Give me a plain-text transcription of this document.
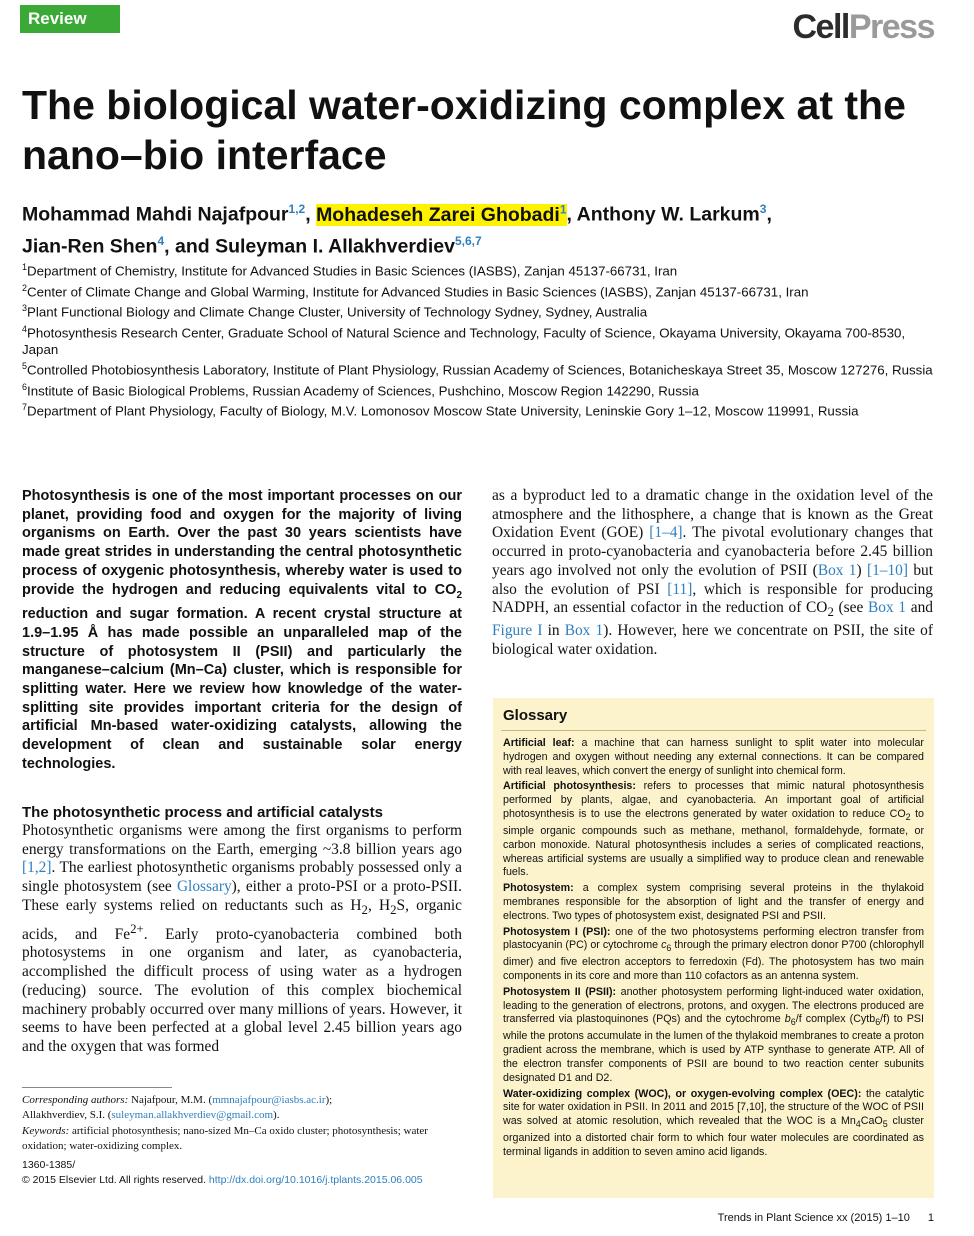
Review	CellPress
The biological water-oxidizing complex at the nano–bio interface
Mohammad Mahdi Najafpour$^{1,2}$, Mohadeseh Zarei Ghobadi$^1$, Anthony W. Larkum$^3$,
Jian-Ren Shen$^4$, and Suleyman I. Allakhverdiev$^{5,6,7}$
$^1$Department of Chemistry, Institute for Advanced Studies in Basic Sciences (IASBS), Zanjan 45137-66731, Iran
$^2$Center of Climate Change and Global Warming, Institute for Advanced Studies in Basic Sciences (IASBS), Zanjan 45137-66731, Iran
$^3$Plant Functional Biology and Climate Change Cluster, University of Technology Sydney, Sydney, Australia
$^4$Photosynthesis Research Center, Graduate School of Natural Science and Technology, Faculty of Science, Okayama University, Okayama 700-8530, Japan
$^5$Controlled Photobiosynthesis Laboratory, Institute of Plant Physiology, Russian Academy of Sciences, Botanicheskaya Street 35, Moscow 127276, Russia
$^6$Institute of Basic Biological Problems, Russian Academy of Sciences, Pushchino, Moscow Region 142290, Russia
$^7$Department of Plant Physiology, Faculty of Biology, M.V. Lomonosov Moscow State University, Leninskie Gory 1–12, Moscow 119991, Russia
Photosynthesis is one of the most important processes on our planet, providing food and oxygen for the majority of living organisms on Earth. Over the past 30 years scientists have made great strides in understanding the central photosynthetic process of oxygenic photosynthesis, whereby water is used to provide the hydrogen and reducing equivalents vital to $CO_2$ reduction and sugar formation. A recent crystal structure at 1.9–1.95 Å has made possible an unparalleled map of the structure of photosystem II (PSII) and particularly the manganese–calcium (Mn–Ca) cluster, which is responsible for splitting water. Here we review how knowledge of the water-splitting site provides important criteria for the design of artificial Mn-based water-oxidizing catalysts, allowing the development of clean and sustainable solar energy technologies.
The photosynthetic process and artificial catalysts
Photosynthetic organisms were among the first organisms to perform energy transformations on the Earth, emerging ~3.8 billion years ago [1,2]. The earliest photosynthetic organisms probably possessed only a single photosystem (see Glossary), either a proto-PSI or a proto-PSII. These early systems relied on reductants such as $H_2$, $H_2S$, organic acids, and $Fe^{2+}$. Early proto-cyanobacteria combined both photosystems in one organism and later, as cyanobacteria, accomplished the difficult process of using water as a hydrogen (reducing) source. The evolution of this complex biochemical machinery probably occurred over many millions of years. However, it seems to have been perfected at a global level 2.45 billion years ago and the oxygen that was formed
as a byproduct led to a dramatic change in the oxidation level of the atmosphere and the lithosphere, a change that is known as the Great Oxidation Event (GOE) [1–4]. The pivotal evolutionary changes that occurred in proto-cyanobacteria and cyanobacteria before 2.45 billion years ago involved not only the evolution of PSII (Box 1) [1–10] but also the evolution of PSI [11], which is responsible for producing NADPH, an essential cofactor in the reduction of $CO_2$ (see Box 1 and Figure I in Box 1). However, here we concentrate on PSII, the site of biological water oxidation.
Glossary

Artificial leaf: a machine that can harness sunlight to split water into molecular hydrogen and oxygen without needing any external connections. It can be compared with real leaves, which convert the energy of sunlight into chemical form.

Artificial photosynthesis: refers to processes that mimic natural photosynthesis performed by plants, algae, and cyanobacteria. An important goal of artificial photosynthesis is to use the electrons generated by water oxidation to reduce $CO_2$ to simple organic compounds such as methane, methanol, formaldehyde, formate, or carbon monoxide. Natural photosynthesis includes a series of complicated reactions, whereas artificial systems are usually a simplified way to produce clean and renewable fuels.

Photosystem: a complex system comprising several proteins in the thylakoid membranes responsible for the absorption of light and the transfer of energy and electrons. Two types of photosystem exist, designated PSI and PSII.

Photosystem I (PSI): one of the two photosystems performing electron transfer from plastocyanin (PC) or cytochrome $c_6$ through the primary electron donor P700 (chlorophyll dimer) and five electron acceptors to ferredoxin (Fd). The photosystem has two main components in its core and more than 110 cofactors as an antenna system.

Photosystem II (PSII): another photosystem performing light-induced water oxidation, leading to the generation of electrons, protons, and oxygen. The electrons produced are transferred via plastoquinones (PQs) and the cytochrome $b_6/f$ complex (Cytb$_6$/f) to PSI while the protons accumulate in the lumen of the thylakoid membranes to create a proton gradient across the membrane, which is used by ATP synthase to generate ATP. All of the electron transfer components of PSII are bound to two reaction center subunits designated D1 and D2.

Water-oxidizing complex (WOC), or oxygen-evolving complex (OEC): the catalytic site for water oxidation in PSII. In 2011 and 2015 [7,10], the structure of the WOC of PSII was solved at atomic resolution, which revealed that the WOC is a $Mn_4CaO_5$ cluster organized into a distorted chair form to which four water molecules are coordinated as terminal ligands in addition to seven amino acid ligands.

Corresponding authors: Najafpour, M.M. (mmnajafpour@iasbs.ac.ir);
Allakhverdiev, S.I. (suleyman.allakhverdiev@gmail.com).
Keywords: artificial photosynthesis; nano-sized Mn–Ca oxido cluster; photosynthesis; water oxidation; water-oxidizing complex.
1360-1385/
© 2015 Elsevier Ltd. All rights reserved. http://dx.doi.org/10.1016/j.tplants.2015.06.005
Trends in Plant Science xx (2015) 1–10 1
